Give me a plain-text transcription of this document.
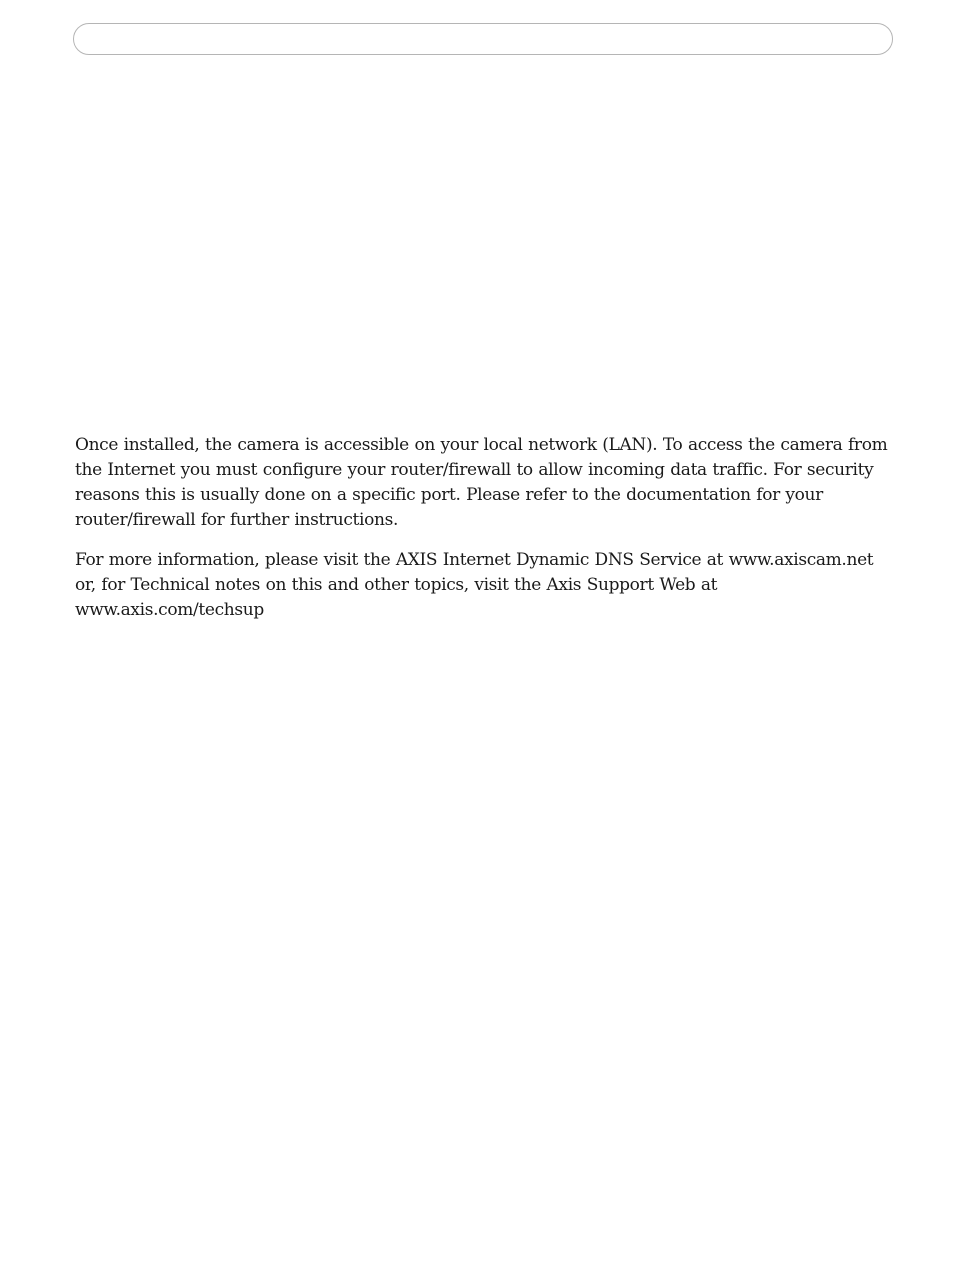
Once installed, the camera is accessible on your local network (LAN). To access the camera from the Internet you must configure your router/firewall to allow incoming data traffic. For security reasons this is usually done on a specific port. Please refer to the documentation for your router/firewall for further instructions.

For more information, please visit the AXIS Internet Dynamic DNS Service at www.axiscam.net or, for Technical notes on this and other topics, visit the Axis Support Web at www.axis.com/techsup
